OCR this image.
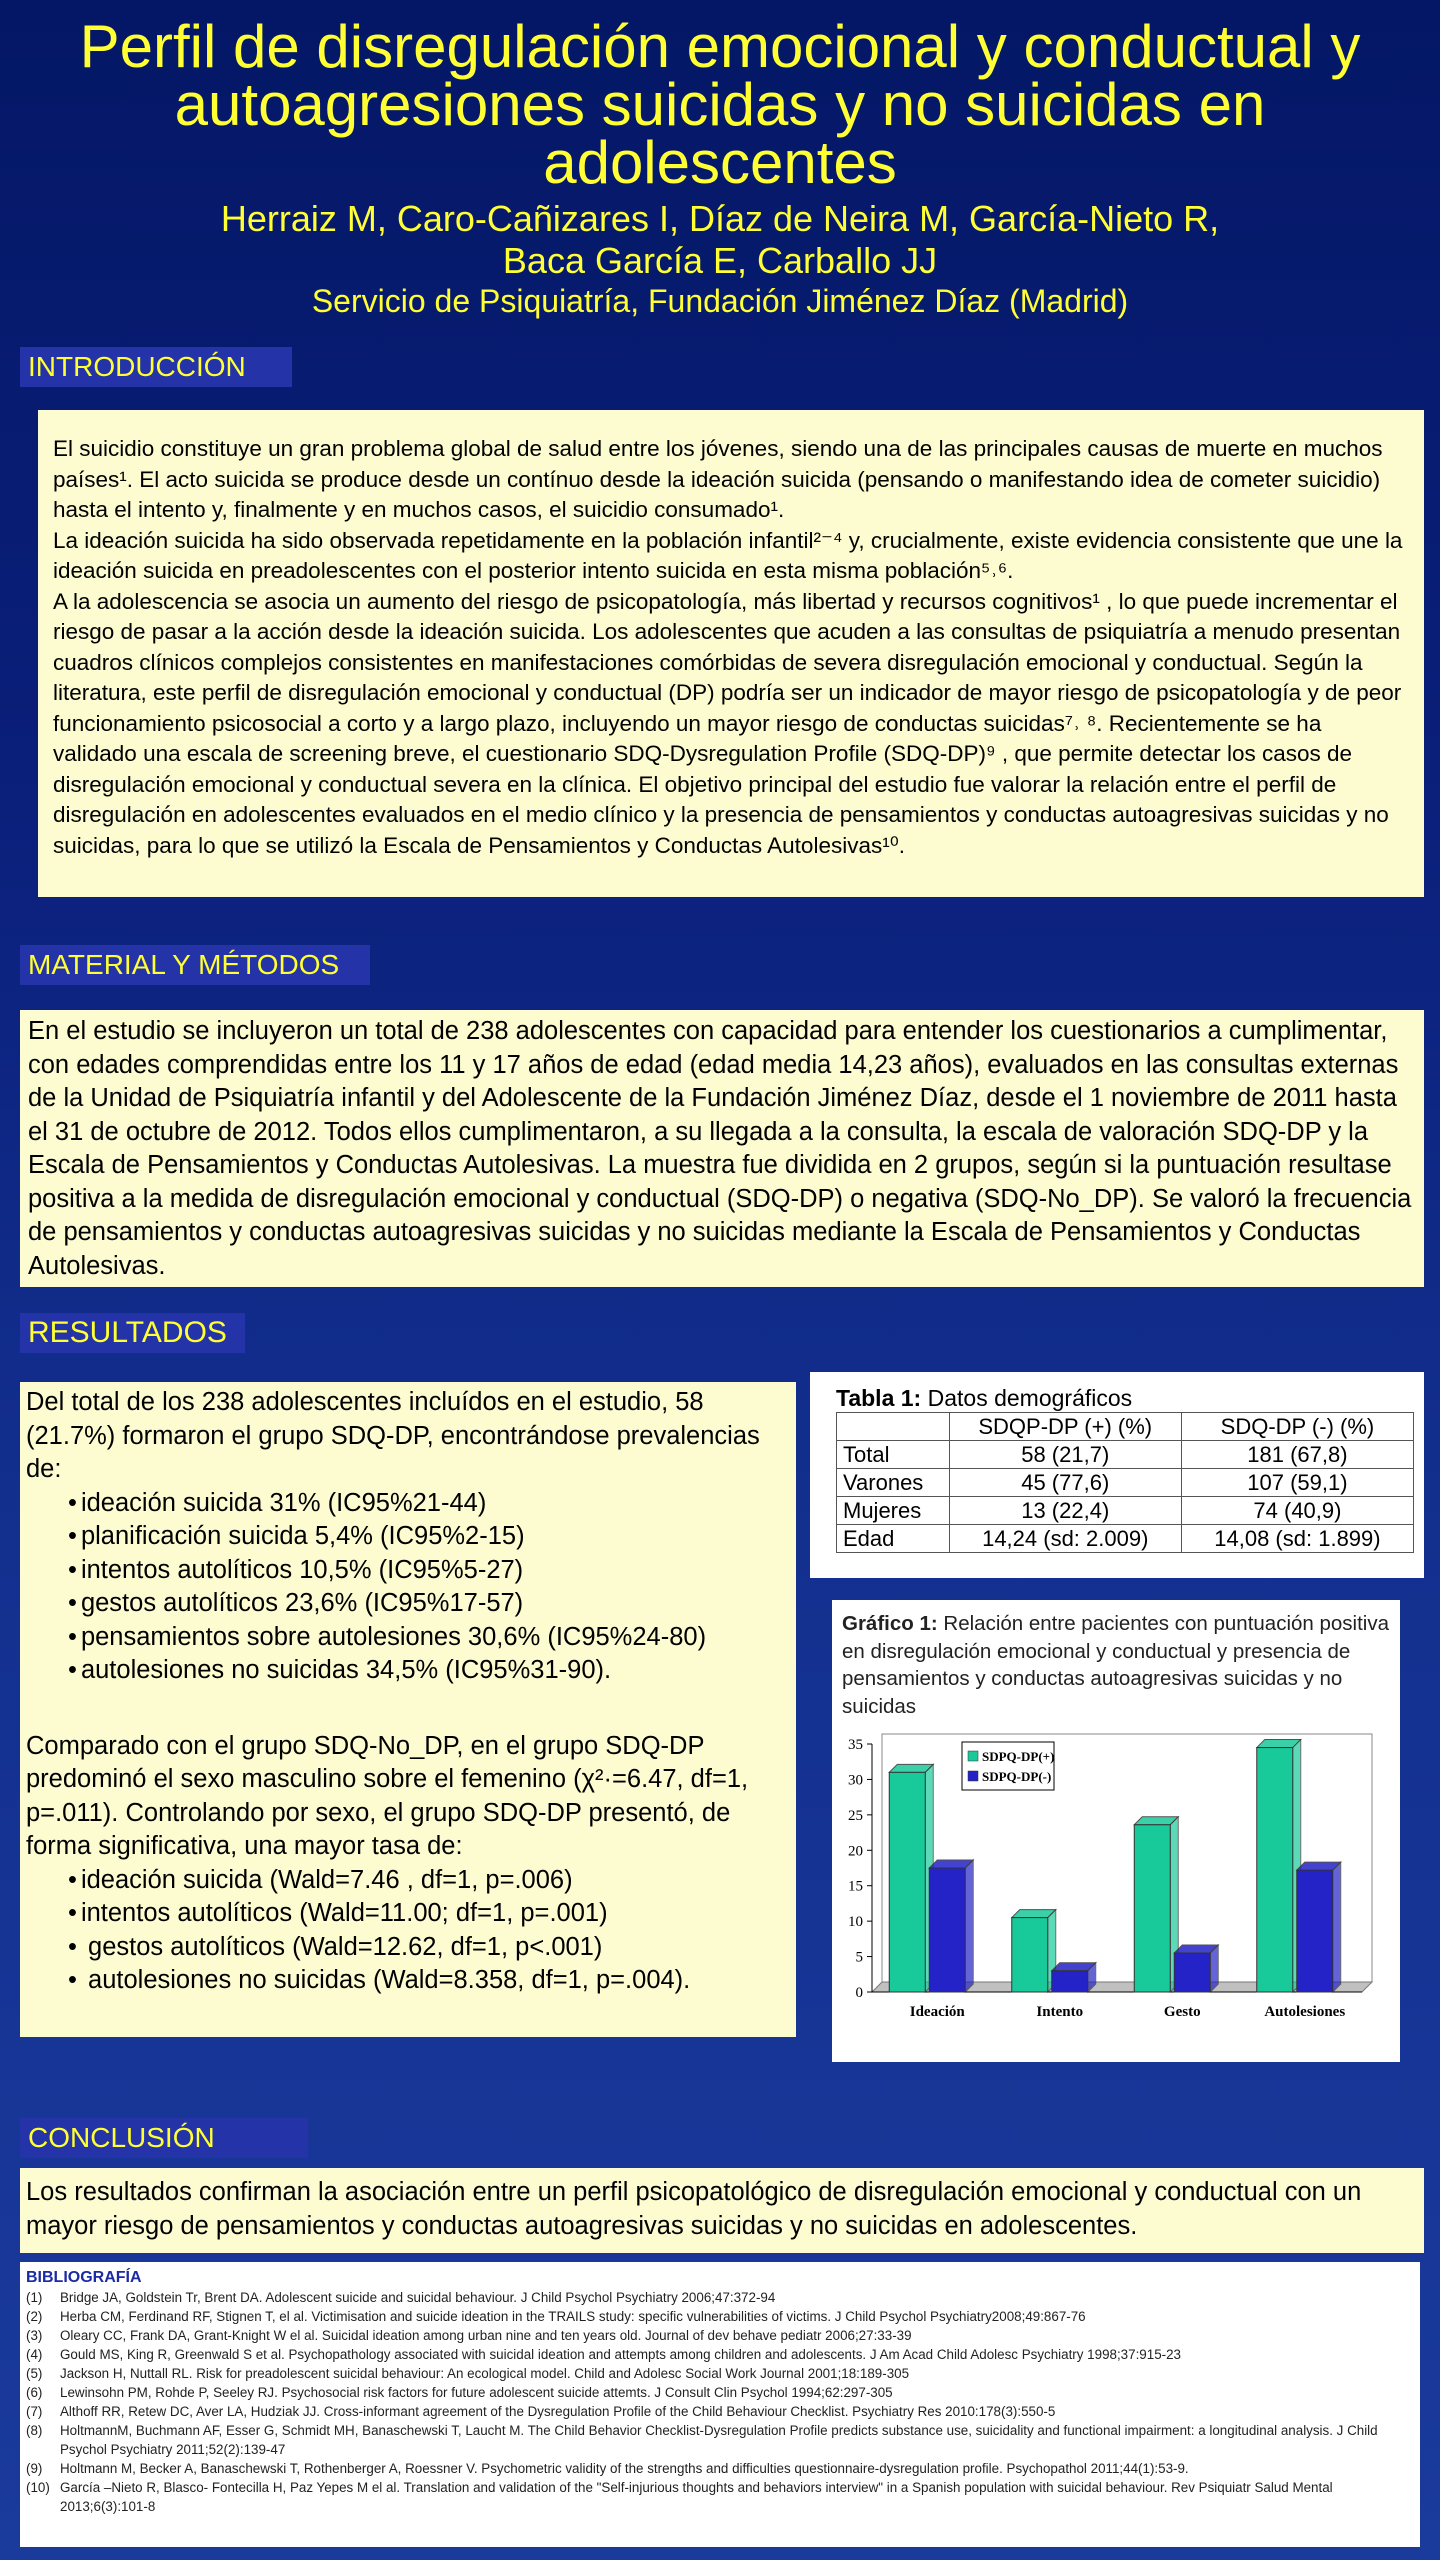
Perfil de disregulación emocional y conductual y autoagresiones suicidas y no suicidas en adolescentes
Herraiz M, Caro-Cañizares I, Díaz de Neira M, García-Nieto R,
Baca García E, Carballo JJ
Servicio de Psiquiatría, Fundación Jiménez Díaz (Madrid)
INTRODUCCIÓN

El suicidio constituye un gran problema global de salud entre los jóvenes, siendo una de las principales causas de muerte en muchos países¹. El acto suicida se produce desde un contínuo desde la ideación suicida (pensando o manifestando idea de cometer suicidio) hasta el intento y, finalmente y en muchos casos, el suicidio consumado¹.

La ideación suicida ha sido observada repetidamente en la población infantil²⁻⁴ y, crucialmente, existe evidencia consistente que une la ideación suicida en preadolescentes con el posterior intento suicida en esta misma población⁵˒⁶.

A la adolescencia se asocia un aumento del riesgo de psicopatología, más libertad y recursos cognitivos¹ , lo que puede incrementar el riesgo de pasar a la acción desde la ideación suicida. Los adolescentes que acuden a las consultas de psiquiatría a menudo presentan cuadros clínicos complejos consistentes en manifestaciones comórbidas de severa disregulación emocional y conductual. Según la literatura, este perfil de disregulación emocional y conductual (DP) podría ser un indicador de mayor riesgo de psicopatología y de peor funcionamiento psicosocial a corto y a largo plazo, incluyendo un mayor riesgo de conductas suicidas⁷˒ ⁸. Recientemente se ha validado una escala de screening breve, el cuestionario SDQ-Dysregulation Profile (SDQ-DP)⁹ , que permite detectar los casos de disregulación emocional y conductual severa en la clínica. El objetivo principal del estudio fue valorar la relación entre el perfil de disregulación en adolescentes evaluados en el medio clínico y la presencia de pensamientos y conductas autoagresivas suicidas y no suicidas, para lo que se utilizó la Escala de Pensamientos y Conductas Autolesivas¹⁰.

MATERIAL Y MÉTODOS

En el estudio se incluyeron un total de 238 adolescentes con capacidad para entender los cuestionarios a cumplimentar, con edades comprendidas entre los 11 y 17 años de edad (edad media 14,23 años), evaluados en las consultas externas de la Unidad de Psiquiatría infantil y del Adolescente de la Fundación Jiménez Díaz, desde el 1 noviembre de 2011 hasta el 31 de octubre de 2012. Todos ellos cumplimentaron, a su llegada a la consulta, la escala de valoración SDQ-DP y la Escala de Pensamientos y Conductas Autolesivas. La muestra fue dividida en 2 grupos, según si la puntuación resultase positiva a la medida de disregulación emocional y conductual (SDQ-DP) o negativa (SDQ-No_DP). Se valoró la frecuencia de pensamientos y conductas autoagresivas suicidas y no suicidas mediante la Escala de Pensamientos y Conductas Autolesivas.

RESULTADOS

Del total de los 238 adolescentes incluídos en el estudio, 58 (21.7%) formaron el grupo SDQ-DP, encontrándose prevalencias de:

• ideación suicida 31% (IC95%21-44)
• planificación suicida 5,4% (IC95%2-15)
• intentos autolíticos 10,5% (IC95%5-27)
• gestos autolíticos 23,6% (IC95%17-57)
• pensamientos sobre autolesiones 30,6% (IC95%24-80)
• autolesiones no suicidas 34,5% (IC95%31-90).

Comparado con el grupo SDQ-No_DP, en el grupo SDQ-DP predominó el sexo masculino sobre el femenino (χ²·=6.47, df=1, p=.011). Controlando por sexo, el grupo SDQ-DP presentó, de forma significativa, una mayor tasa de:

• ideación suicida (Wald=7.46 , df=1, p=.006)
• intentos autolíticos (Wald=11.00; df=1, p=.001)
• gestos autolíticos (Wald=12.62, df=1, p<.001)
• autolesiones no suicidas (Wald=8.358, df=1, p=.004).
Tabla 1: Datos demográficos
	SDQP-DP (+) (%)	SDQ-DP (-) (%)
Total	58 (21,7)	181 (67,8)
Varones	45 (77,6)	107 (59,1)
Mujeres	13 (22,4)	74 (40,9)
Edad	14,24 (sd: 2.009)	14,08 (sd: 1.899)
Gráfico 1: Relación entre pacientes con puntuación positiva en disregulación emocional y conductual y presencia de pensamientos y conductas autoagresivas suicidas y no suicidas
0
5
10
15
20
25
30
35
Ideación	Intento	Gesto	Autolesiones
SDPQ-DP(+)
SDPQ-DP(-)
CONCLUSIÓN

Los resultados confirman la asociación entre un perfil psicopatológico de disregulación emocional y conductual con un mayor riesgo de pensamientos y conductas autoagresivas suicidas y no suicidas en adolescentes.

BIBLIOGRAFÍA
(1)	Bridge JA, Goldstein Tr, Brent DA. Adolescent suicide and suicidal behaviour. J Child Psychol Psychiatry 2006;47:372-94
(2)	Herba CM, Ferdinand RF, Stignen T, el al. Victimisation and suicide ideation in the TRAILS study: specific vulnerabilities of victims. J Child Psychol Psychiatry2008;49:867-76
(3)	Oleary CC, Frank DA, Grant-Knight W el al. Suicidal ideation among urban nine and ten years old. Journal of dev behave pediatr 2006;27:33-39
(4)	Gould MS, King R, Greenwald S et al. Psychopathology associated with suicidal ideation and attempts among children and adolescents. J Am Acad Child Adolesc Psychiatry 1998;37:915-23
(5)	Jackson H, Nuttall RL. Risk for preadolescent suicidal behaviour: An ecological model. Child and Adolesc Social Work Journal 2001;18:189-305
(6)	Lewinsohn PM, Rohde P, Seeley RJ. Psychosocial risk factors for future adolescent suicide attemts. J Consult Clin Psychol 1994;62:297-305
(7)	Althoff RR, Retew DC, Aver LA, Hudziak JJ. Cross-informant agreement of the Dysregulation Profile of the Child Behaviour Checklist. Psychiatry Res 2010:178(3):550-5
(8)	HoltmannM, Buchmann AF, Esser G, Schmidt MH, Banaschewski T, Laucht M. The Child Behavior Checklist-Dysregulation Profile predicts substance use, suicidality and functional impairment: a longitudinal analysis. J Child Psychol Psychiatry 2011;52(2):139-47
(9)	Holtmann M, Becker A, Banaschewski T, Rothenberger A, Roessner V. Psychometric validity of the strengths and difficulties questionnaire-dysregulation profile. Psychopathol 2011;44(1):53-9.
(10) García –Nieto R, Blasco- Fontecilla H, Paz Yepes M el al. Translation and validation of the "Self-injurious thoughts and behaviors interview" in a Spanish population with suicidal behaviour. Rev Psiquiatr Salud Mental 2013;6(3):101-8
